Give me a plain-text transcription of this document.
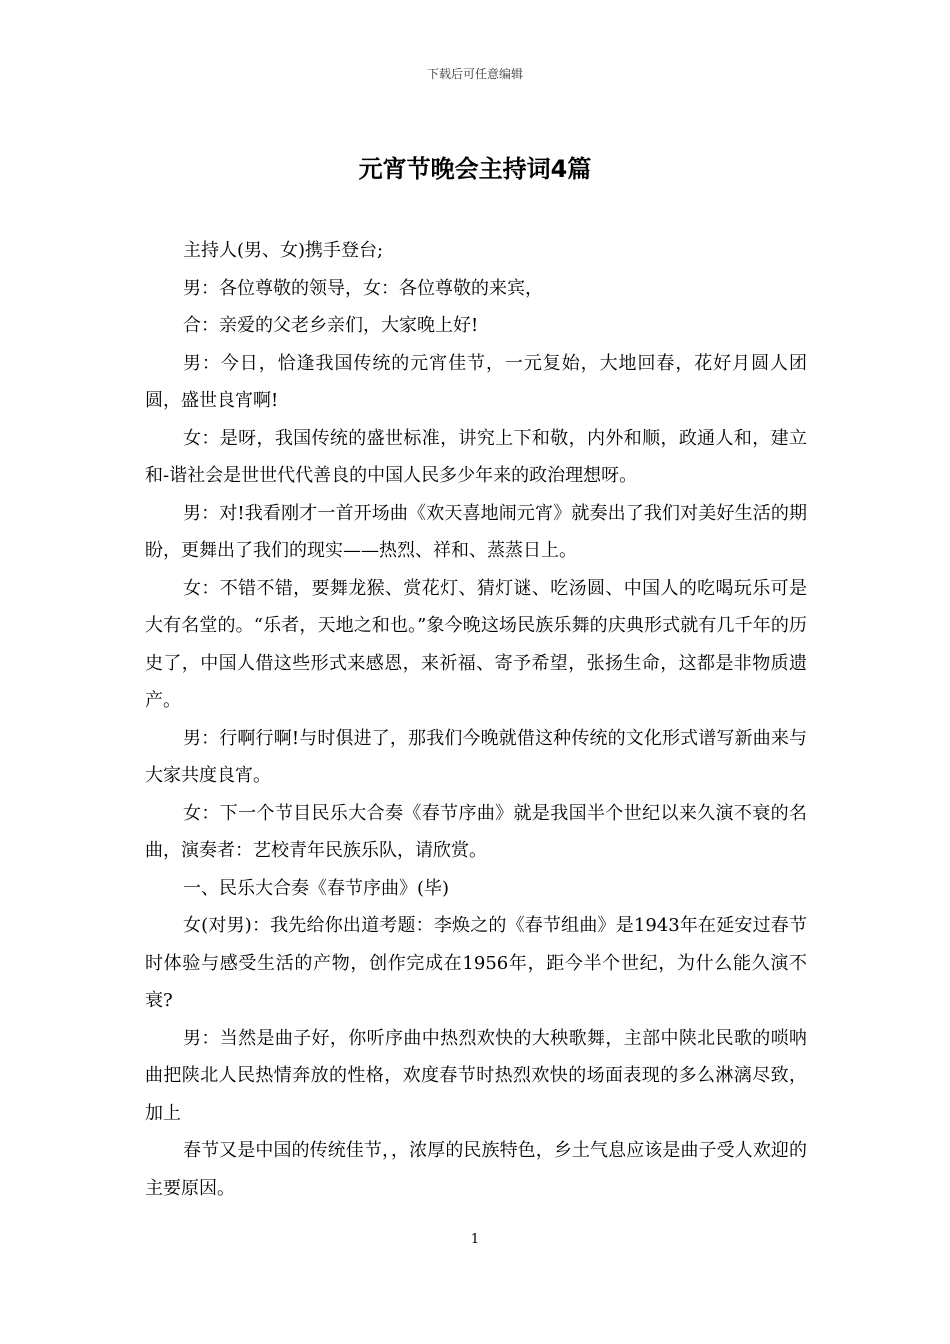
下载后可任意编辑
元宵节晚会主持词4篇

主持人(男、女)携手登台;

男：各位尊敬的领导，女：各位尊敬的来宾，

合：亲爱的父老乡亲们，大家晚上好!

男：今日，恰逢我国传统的元宵佳节，一元复始，大地回春，花好月圆人团圆，盛世良宵啊!

女：是呀，我国传统的盛世标准，讲究上下和敬，内外和顺，政通人和，建立和-谐社会是世世代代善良的中国人民多少年来的政治理想呀。

男：对!我看刚才一首开场曲《欢天喜地闹元宵》就奏出了我们对美好生活的期盼，更舞出了我们的现实——热烈、祥和、蒸蒸日上。

女：不错不错，要舞龙猴、赏花灯、猜灯谜、吃汤圆、中国人的吃喝玩乐可是大有名堂的。“乐者，天地之和也。”象今晚这场民族乐舞的庆典形式就有几千年的历史了，中国人借这些形式来感恩，来祈福、寄予希望，张扬生命，这都是非物质遗产。

男：行啊行啊!与时俱进了，那我们今晚就借这种传统的文化形式谱写新曲来与大家共度良宵。

女：下一个节目民乐大合奏《春节序曲》就是我国半个世纪以来久演不衰的名曲，演奏者：艺校青年民族乐队，请欣赏。

一、民乐大合奏《春节序曲》(毕)

女(对男)：我先给你出道考题：李焕之的《春节组曲》是1943年在延安过春节时体验与感受生活的产物，创作完成在1956年，距今半个世纪，为什么能久演不衰?

男：当然是曲子好，你听序曲中热烈欢快的大秧歌舞，主部中陕北民歌的唢呐曲把陕北人民热情奔放的性格，欢度春节时热烈欢快的场面表现的多么淋漓尽致，加上

春节又是中国的传统佳节，，浓厚的民族特色，乡土气息应该是曲子受人欢迎的主要原因。

1
